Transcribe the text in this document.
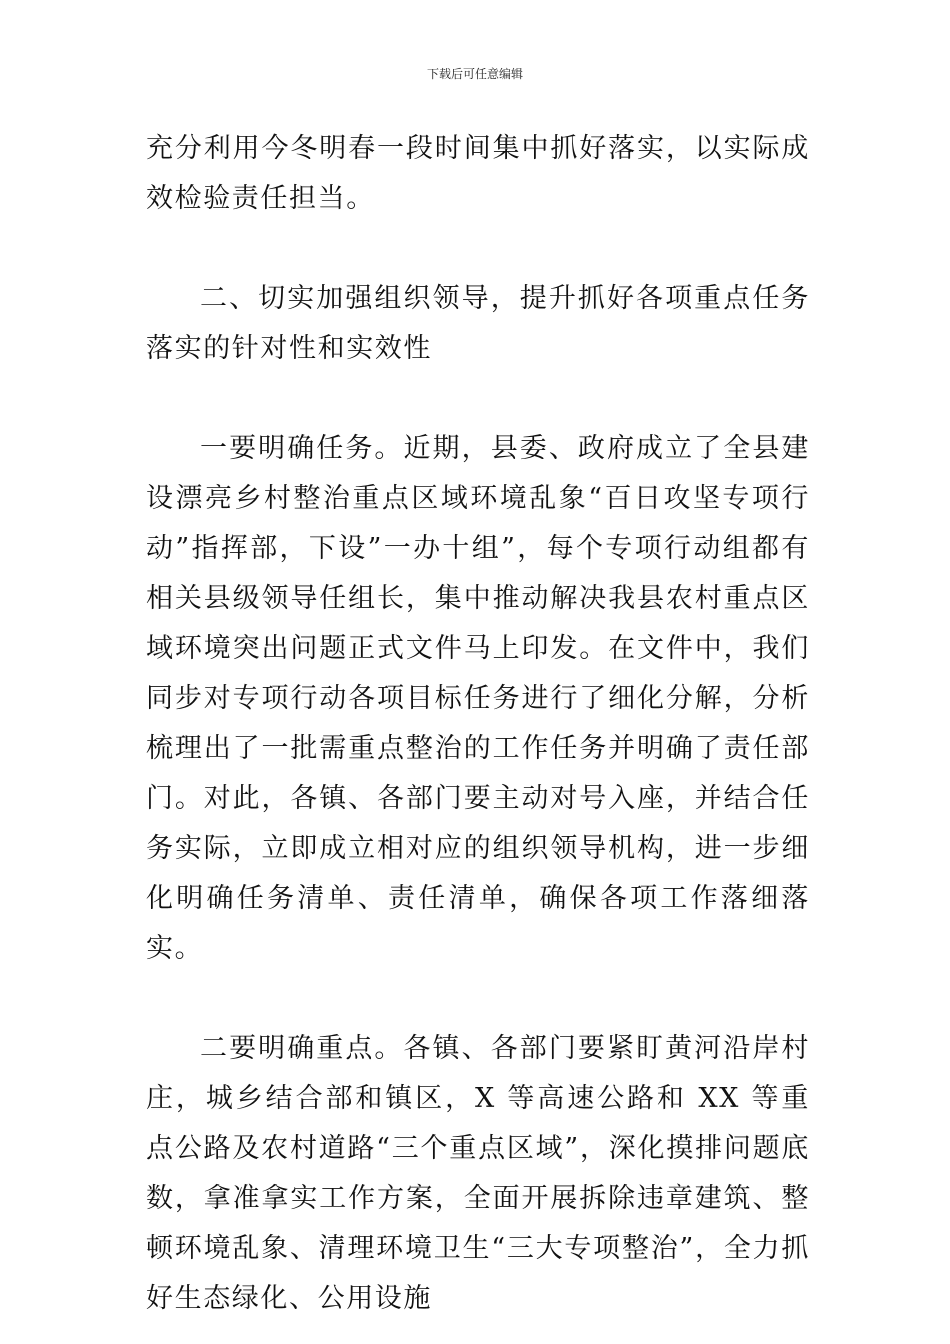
下载后可任意编辑

充分利用今冬明春一段时间集中抓好落实，以实际成效检验责任担当。

二、切实加强组织领导，提升抓好各项重点任务落实的针对性和实效性

一要明确任务。近期，县委、政府成立了全县建设漂亮乡村整治重点区域环境乱象“百日攻坚专项行动”指挥部，下设”一办十组”，每个专项行动组都有相关县级领导任组长，集中推动解决我县农村重点区域环境突出问题正式文件马上印发。在文件中，我们同步对专项行动各项目标任务进行了细化分解，分析梳理出了一批需重点整治的工作任务并明确了责任部门。对此，各镇、各部门要主动对号入座，并结合任务实际，立即成立相对应的组织领导机构，进一步细化明确任务清单、责任清单，确保各项工作落细落实。

二要明确重点。各镇、各部门要紧盯黄河沿岸村庄，城乡结合部和镇区，X 等高速公路和 XX 等重点公路及农村道路“三个重点区域”，深化摸排问题底数，拿准拿实工作方案，全面开展拆除违章建筑、整顿环境乱象、清理环境卫生“三大专项整治”，全力抓好生态绿化、公用设施
